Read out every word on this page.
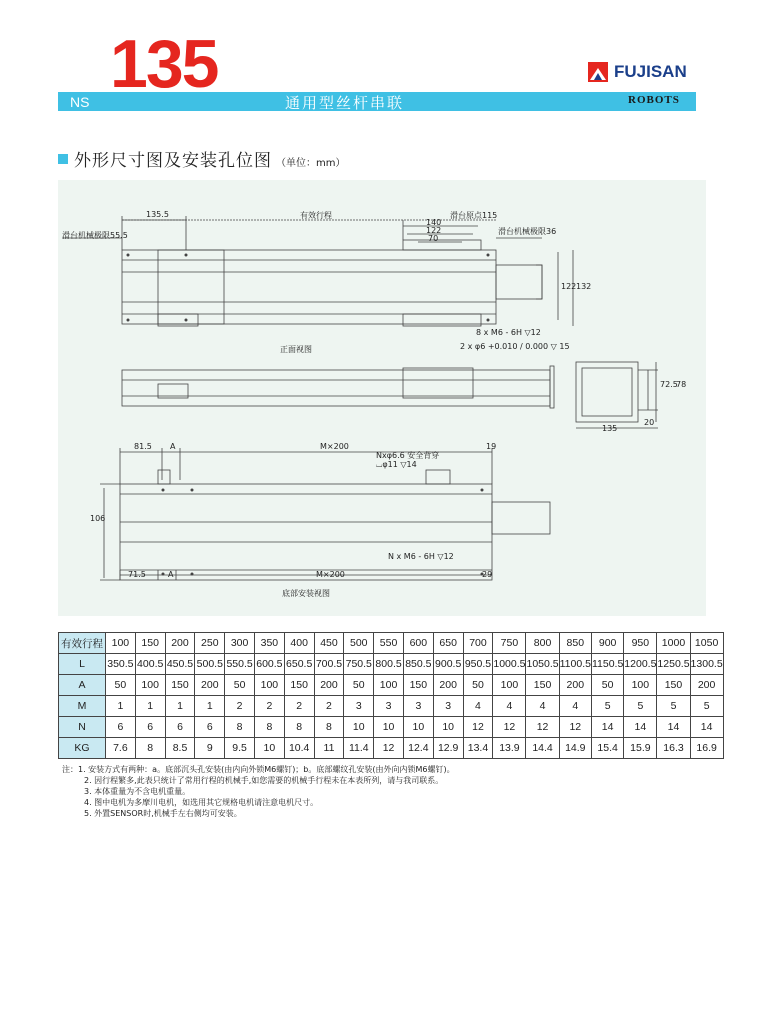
NS 135
通用型丝杆串联
FUJISAN
ROBOTS
外形尺寸图及安装孔位图 （单位：mm）
135.5	有效行程	滑台原点115
滑台机械极限55.5	滑台机械极限36
140
122
70
122 132
8 x M6 - 6H ▽12
2 x φ6 +0.010 / 0.000 ▽ 15
正面视图
72.5
78
135
20
81.5 A	M×200	19
Nxφ6.6 安全背穿
⌴φ11 ▽14
106
N x M6 - 6H ▽12
71.5	A	M×200	29
底部安装视图
有效行程	100	150	200	250	300	350	400	450	500	550	600	650	700	750	800	850	900	950	1000	1050
L	350.5	400.5	450.5	500.5	550.5	600.5	650.5	700.5	750.5	800.5	850.5	900.5	950.5	1000.5	1050.5	1100.5	1150.5	1200.5	1250.5	1300.5
A	50	100	150	200	50	100	150	200	50	100	150	200	50	100	150	200	50	100	150	200
M	1	1	1	1	2	2	2	2	3	3	3	3	4	4	4	4	5	5	5	5
N	6	6	6	6	8	8	8	8	10	10	10	10	12	12	12	12	14	14	14	14
KG	7.6	8	8.5	9	9.5	10	10.4	11	11.4	12	12.4	12.9	13.4	13.9	14.4	14.9	15.4	15.9	16.3	16.9
注：1. 安装方式有两种：a。底部沉头孔安装(由内向外锁M6螺钉)；b。底部螺纹孔安装(由外向内锁M6螺钉)。
2. 因行程繁多,此表只统计了常用行程的机械手,如您需要的机械手行程未在本表所列，请与我司联系。
3. 本体重量为不含电机重量。
4. 图中电机为多摩川电机，如选用其它规格电机请注意电机尺寸。
5. 外置SENSOR时,机械手左右侧均可安装。
